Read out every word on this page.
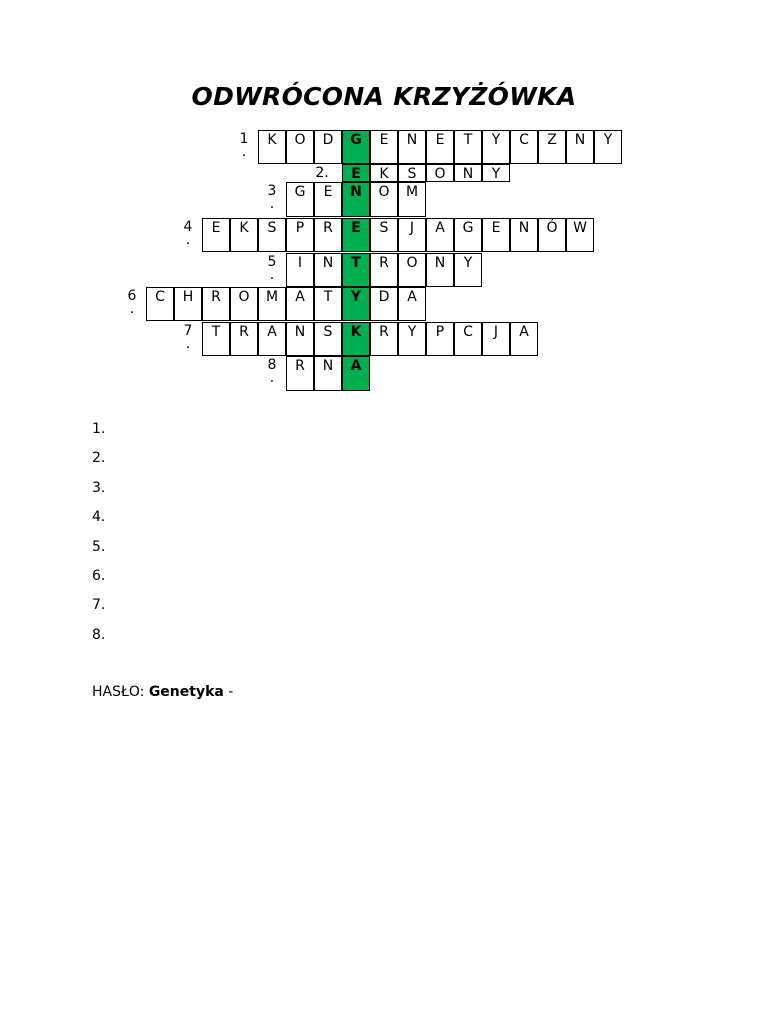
ODWRÓCONA KRZYŻÓWKA
1
.
K	O	D	G	E	N	E	T	Y	C	Z	N	Y
2.	E	K	S	O	N	Y
3
.
G	E	N	O	M
4
.
E	K	S	P	R	E	S	J	A	G	E	N	Ó	W
5
.
I	N	T	R	O	N	Y
6
.
C	H	R	O	M	A	T	Y	D	A
7
.
T	R	A	N	S	K	R	Y	P	C	J	A
8
.
R	N	A
1.
2.
3.
4.
5.
6.
7.
8.
HASŁO: Genetyka -
